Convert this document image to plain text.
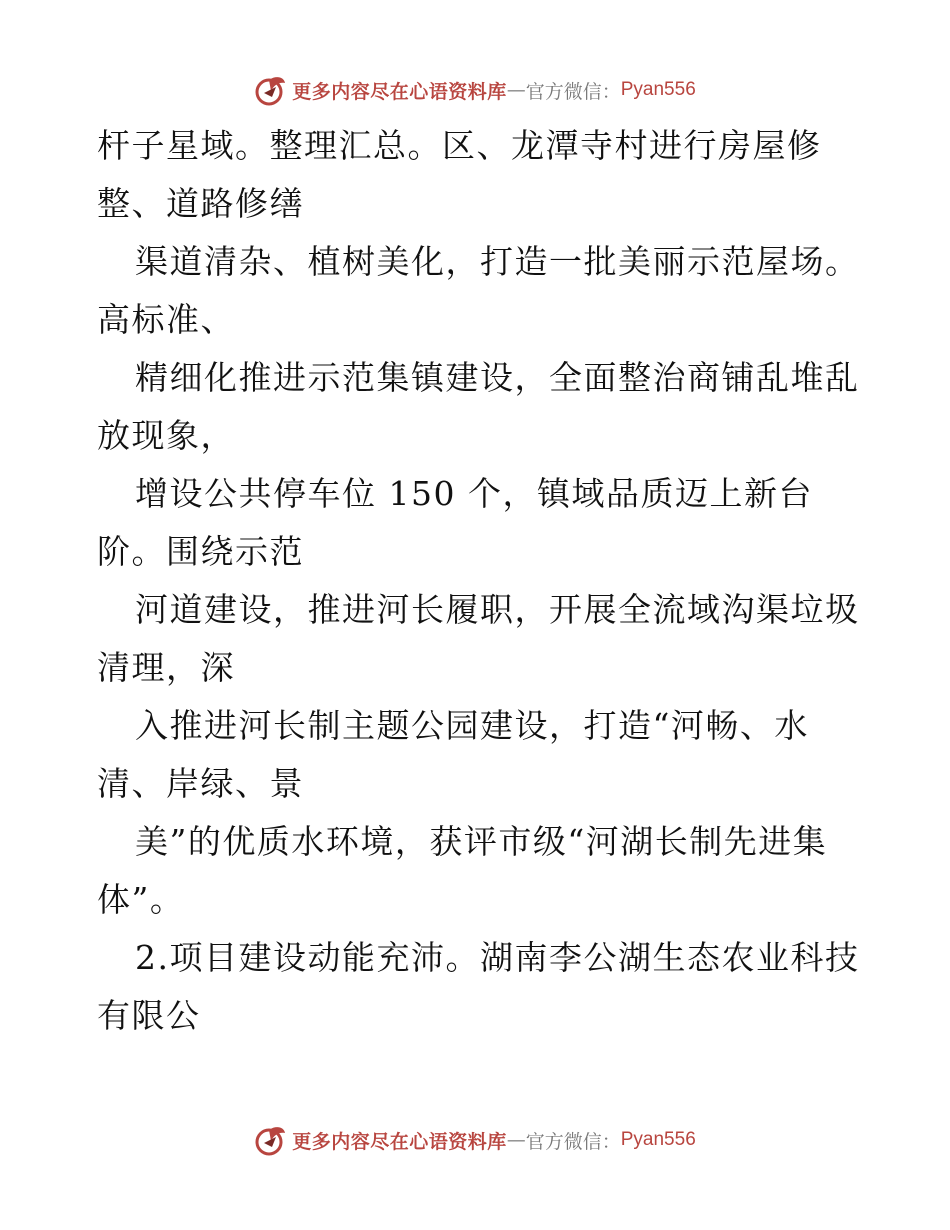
更多内容尽在心语资料库 — 官方微信： Pyan556
杆子星域。整理汇总。区、龙潭寺村进行房屋修
整、道路修缮
渠道清杂、植树美化，打造一批美丽示范屋场。
高标准、
精细化推进示范集镇建设，全面整治商铺乱堆乱
放现象，
增设公共停车位 150 个，镇域品质迈上新台
阶。围绕示范
河道建设，推进河长履职，开展全流域沟渠垃圾
清理，深
入推进河长制主题公园建设，打造“河畅、水
清、岸绿、景
美”的优质水环境，获评市级“河湖长制先进集
体”。
2.项目建设动能充沛。湖南李公湖生态农业科技
有限公
更多内容尽在心语资料库 — 官方微信： Pyan556
